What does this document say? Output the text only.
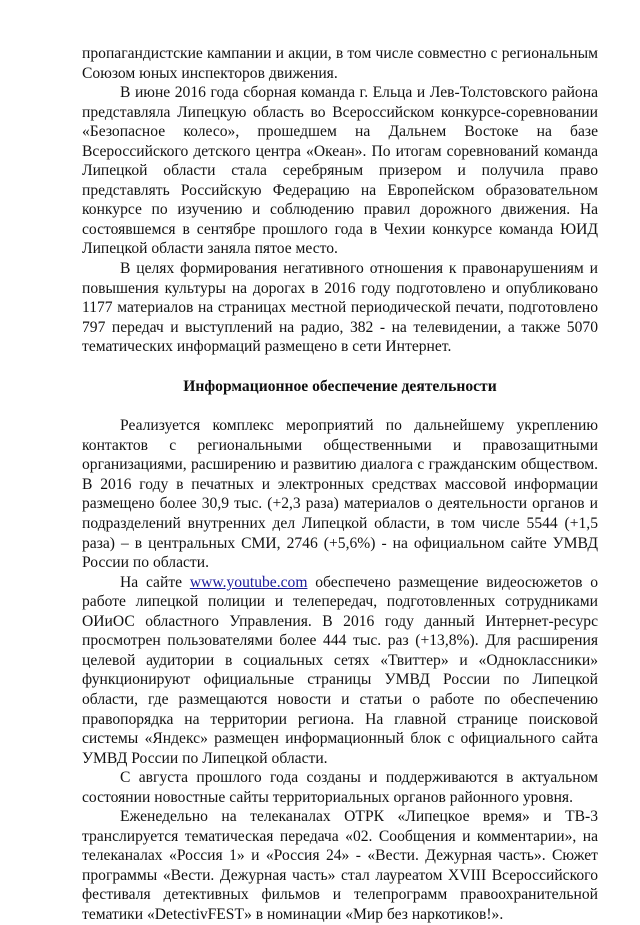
пропагандистские кампании и акции, в том числе совместно с региональным Союзом юных инспекторов движения.

В июне 2016 года сборная команда г. Ельца и Лев-Толстовского района представляла Липецкую область во Всероссийском конкурсе-соревновании «Безопасное колесо», прошедшем на Дальнем Востоке на базе Всероссийского детского центра «Океан». По итогам соревнований команда Липецкой области стала серебряным призером и получила право представлять Российскую Федерацию на Европейском образовательном конкурсе по изучению и соблюдению правил дорожного движения. На состоявшемся в сентябре прошлого года в Чехии конкурсе команда ЮИД Липецкой области заняла пятое место.

В целях формирования негативного отношения к правонарушениям и повышения культуры на дорогах в 2016 году подготовлено и опубликовано 1177 материалов на страницах местной периодической печати, подготовлено 797 передач и выступлений на радио, 382 - на телевидении, а также 5070 тематических информаций размещено в сети Интернет.

Информационное обеспечение деятельности

Реализуется комплекс мероприятий по дальнейшему укреплению контактов с региональными общественными и правозащитными организациями, расширению и развитию диалога с гражданским обществом. В 2016 году в печатных и электронных средствах массовой информации размещено более 30,9 тыс. (+2,3 раза) материалов о деятельности органов и подразделений внутренних дел Липецкой области, в том числе 5544 (+1,5 раза) – в центральных СМИ, 2746 (+5,6%) - на официальном сайте УМВД России по области.

На сайте www.youtube.com обеспечено размещение видеосюжетов о работе липецкой полиции и телепередач, подготовленных сотрудниками ОИиОС областного Управления. В 2016 году данный Интернет-ресурс просмотрен пользователями более 444 тыс. раз (+13,8%). Для расширения целевой аудитории в социальных сетях «Твиттер» и «Одноклассники» функционируют официальные страницы УМВД России по Липецкой области, где размещаются новости и статьи о работе по обеспечению правопорядка на территории региона. На главной странице поисковой системы «Яндекс» размещен информационный блок с официального сайта УМВД России по Липецкой области.

С августа прошлого года созданы и поддерживаются в актуальном состоянии новостные сайты территориальных органов районного уровня.

Еженедельно на телеканалах ОТРК «Липецкое время» и ТВ-3 транслируется тематическая передача «02. Сообщения и комментарии», на телеканалах «Россия 1» и «Россия 24» - «Вести. Дежурная часть». Сюжет программы «Вести. Дежурная часть» стал лауреатом XVIII Всероссийского фестиваля детективных фильмов и телепрограмм правоохранительной тематики «DetectivFEST» в номинации «Мир без наркотиков!».
